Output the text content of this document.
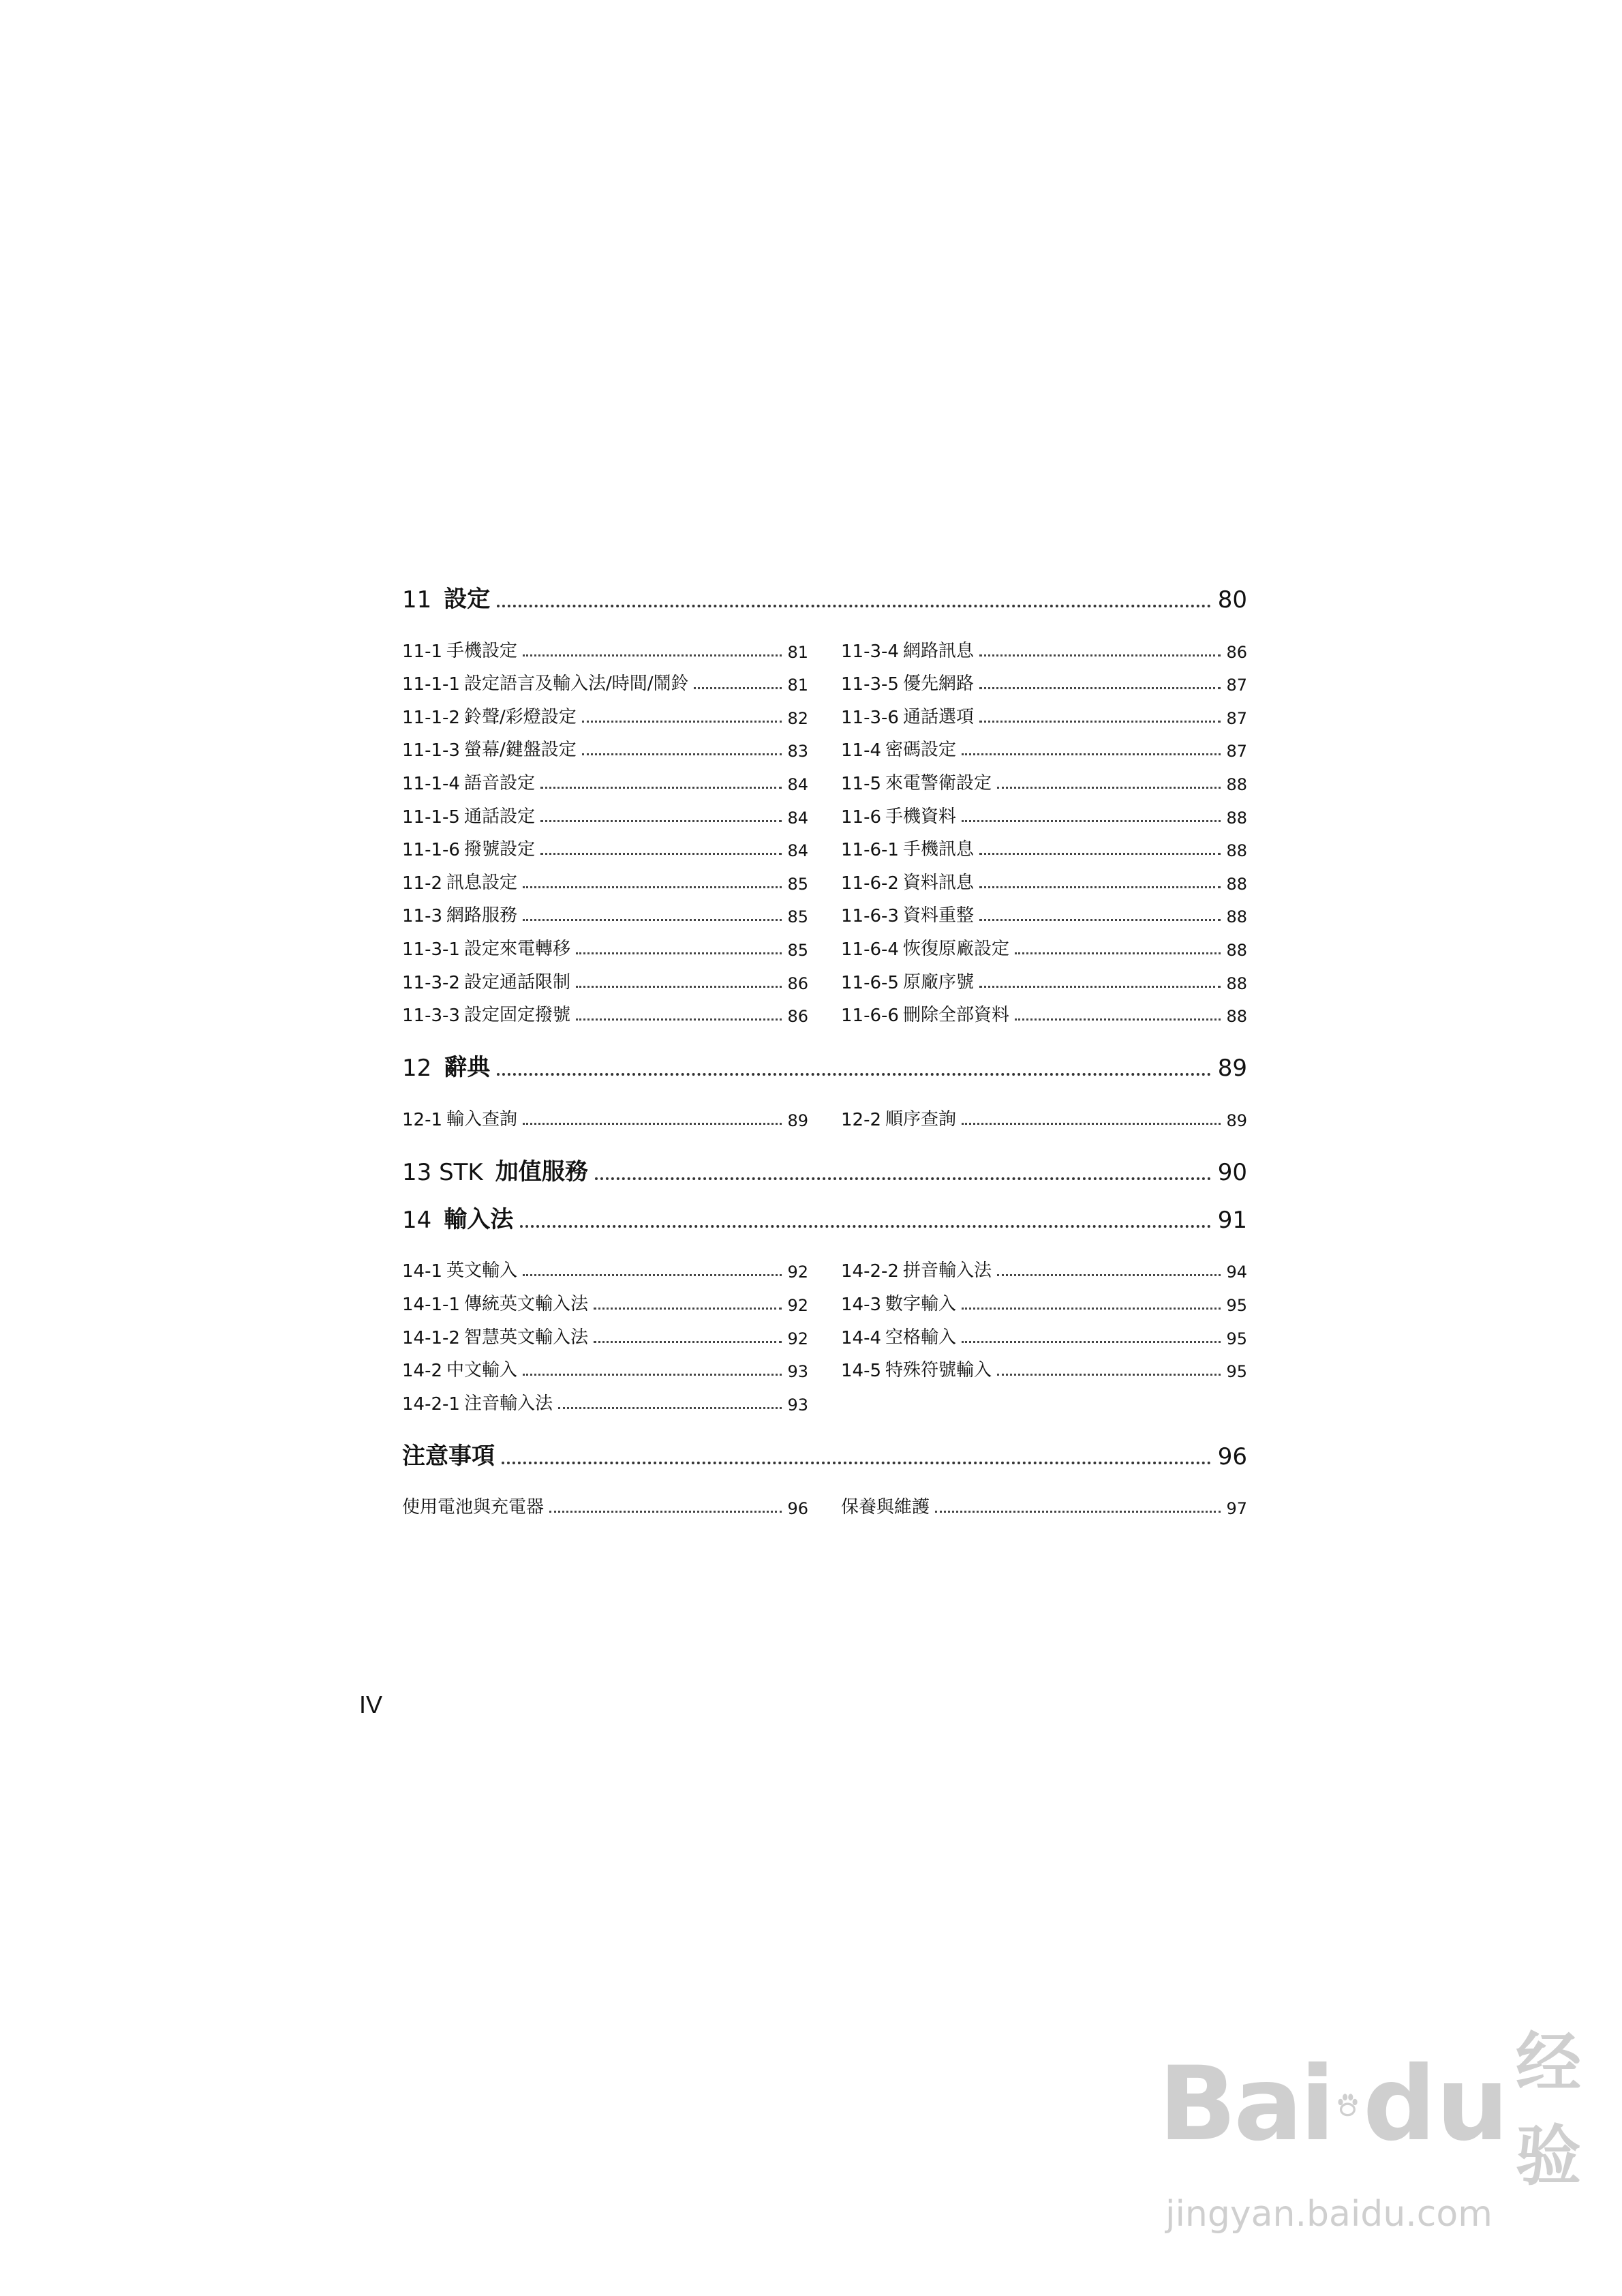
11 設定	80
11-1 手機設定	81
11-1-1 設定語言及輸入法/時間/鬧鈴	81
11-1-2 鈴聲/彩燈設定	82
11-1-3 螢幕/鍵盤設定	83
11-1-4 語音設定	84
11-1-5 通話設定	84
11-1-6 撥號設定	84
11-2 訊息設定	85
11-3 網路服務	85
11-3-1 設定來電轉移	85
11-3-2 設定通話限制	86
11-3-3 設定固定撥號	86
11-3-4 網路訊息	86
11-3-5 優先網路	87
11-3-6 通話選項	87
11-4 密碼設定	87
11-5 來電警衛設定	88
11-6 手機資料	88
11-6-1 手機訊息	88
11-6-2 資料訊息	88
11-6-3 資料重整	88
11-6-4 恢復原廠設定	88
11-6-5 原廠序號	88
11-6-6 刪除全部資料	88
12 辭典	89
12-1 輸入查詢	89 12-2 順序查詢	89
13 STK 加值服務	90
14 輸入法	91
14-1 英文輸入	92
14-1-1 傳統英文輸入法	92
14-1-2 智慧英文輸入法	92
14-2 中文輸入	93
14-2-1 注音輸入法	93
14-2-2 拼音輸入法	94
14-3 數字輸入	95
14-4 空格輸入	95
14-5 特殊符號輸入	95
注意事項	96
使用電池與充電器	96 保養與維護	97
IV
Bai du 经验
jingyan.baidu.com
